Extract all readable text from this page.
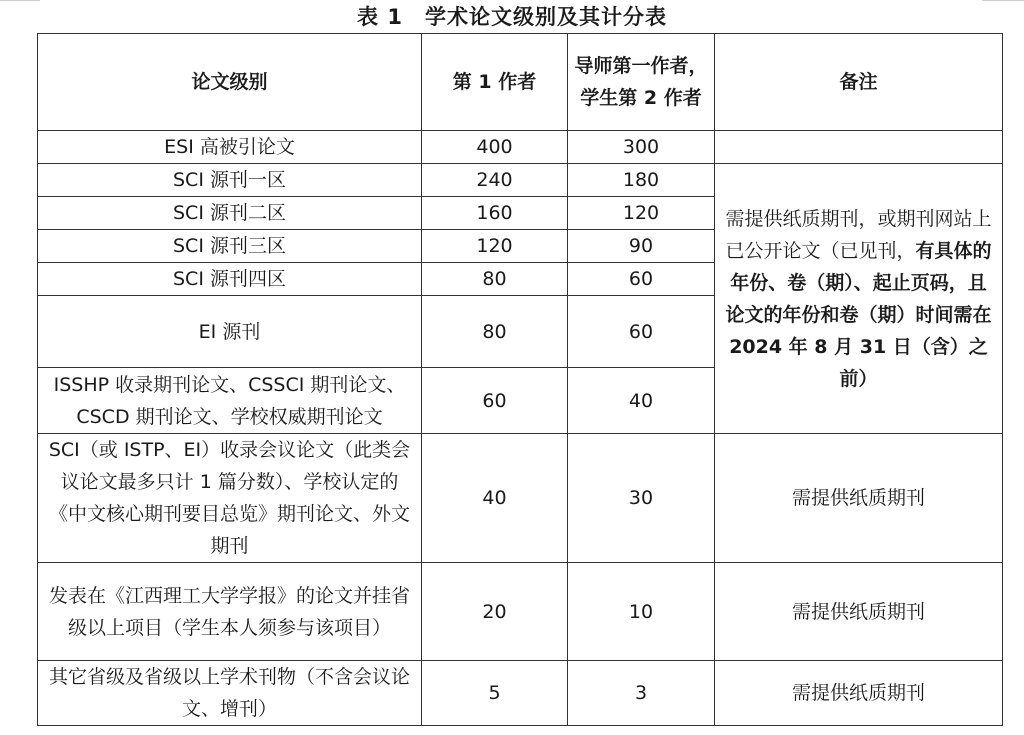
表 1　学术论文级别及其计分表
论文级别	第 1 作者	导师第一作者，学生第 2 作者	备注
ESI 高被引论文	400	300	
SCI 源刊一区	240	180	需提供纸质期刊，或期刊网站上已公开论文（已见刊，有具体的年份、卷（期）、起止页码，且论文的年份和卷（期）时间需在 2024 年 8 月 31 日（含）之前）
SCI 源刊二区	160	120	
SCI 源刊三区	120	90	
SCI 源刊四区	80	60	
EI 源刊	80	60	
ISSHP 收录期刊论文、CSSCI 期刊论文、CSCD 期刊论文、学校权威期刊论文	60	40	
SCI（或 ISTP、EI）收录会议论文（此类会议论文最多只计 1 篇分数）、学校认定的《中文核心期刊要目总览》期刊论文、外文期刊	40	30	需提供纸质期刊
发表在《江西理工大学学报》的论文并挂省级以上项目（学生本人须参与该项目）	20	10	需提供纸质期刊
其它省级及省级以上学术刊物（不含会议论文、增刊）	5	3	需提供纸质期刊
